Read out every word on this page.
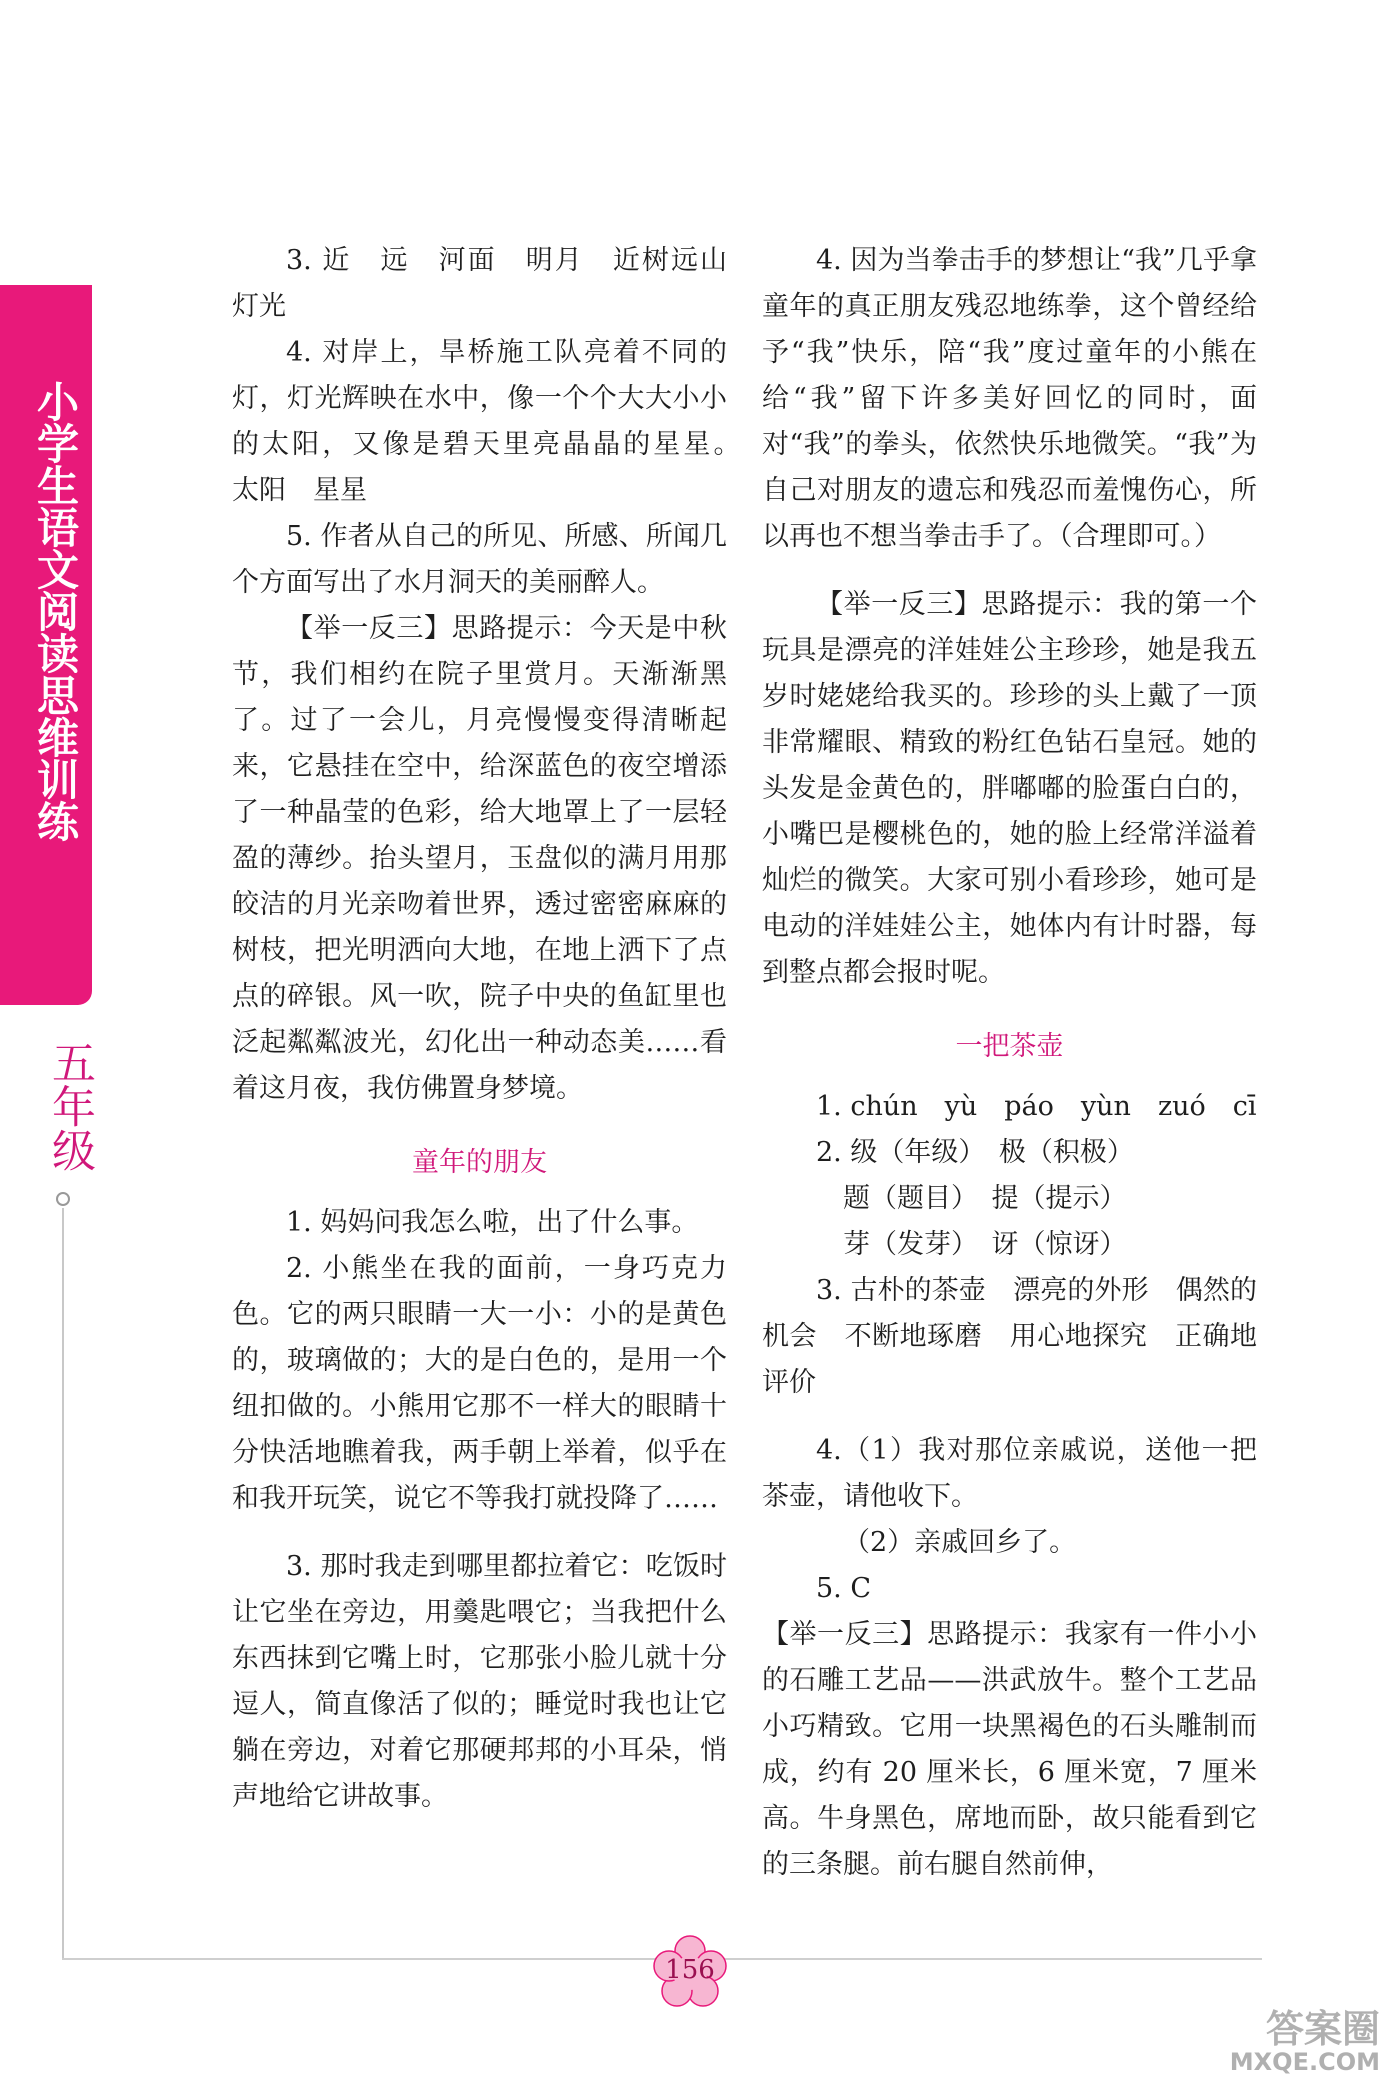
小学生语文阅读思维训练
五年级

3. 近　远　河面　明月　近树远山　灯光

4. 对岸上，旱桥施工队亮着不同的灯，灯光辉映在水中，像一个个大大小小的太阳，又像是碧天里亮晶晶的星星。　太阳　星星

5. 作者从自己的所见、所感、所闻几个方面写出了水月洞天的美丽醉人。

【举一反三】思路提示：今天是中秋节，我们相约在院子里赏月。天渐渐黑了。过了一会儿，月亮慢慢变得清晰起来，它悬挂在空中，给深蓝色的夜空增添了一种晶莹的色彩，给大地罩上了一层轻盈的薄纱。抬头望月，玉盘似的满月用那皎洁的月光亲吻着世界，透过密密麻麻的树枝，把光明洒向大地，在地上洒下了点点的碎银。风一吹，院子中央的鱼缸里也泛起粼粼波光，幻化出一种动态美……看着这月夜，我仿佛置身梦境。

童年的朋友

1. 妈妈问我怎么啦，出了什么事。

2. 小熊坐在我的面前，一身巧克力色。它的两只眼睛一大一小：小的是黄色的，玻璃做的；大的是白色的，是用一个纽扣做的。小熊用它那不一样大的眼睛十分快活地瞧着我，两手朝上举着，似乎在和我开玩笑，说它不等我打就投降了……

3. 那时我走到哪里都拉着它：吃饭时让它坐在旁边，用羹匙喂它；当我把什么东西抹到它嘴上时，它那张小脸儿就十分逗人，简直像活了似的；睡觉时我也让它躺在旁边，对着它那硬邦邦的小耳朵，悄声地给它讲故事。

4. 因为当拳击手的梦想让“我”几乎拿童年的真正朋友残忍地练拳，这个曾经给予“我”快乐，陪“我”度过童年的小熊在给“我”留下许多美好回忆的同时，面对“我”的拳头，依然快乐地微笑。“我”为自己对朋友的遗忘和残忍而羞愧伤心，所以再也不想当拳击手了。（合理即可。）

【举一反三】思路提示：我的第一个玩具是漂亮的洋娃娃公主珍珍，她是我五岁时姥姥给我买的。珍珍的头上戴了一顶非常耀眼、精致的粉红色钻石皇冠。她的头发是金黄色的，胖嘟嘟的脸蛋白白的，小嘴巴是樱桃色的，她的脸上经常洋溢着灿烂的微笑。大家可别小看珍珍，她可是电动的洋娃娃公主，她体内有计时器，每到整点都会报时呢。

一把茶壶

1. chún　yù　páo　yùn　zuó　cī

2. 级（年级）　极（积极）

题（题目）　提（提示）

芽（发芽）　讶（惊讶）

3. 古朴的茶壶　漂亮的外形　偶然的机会　不断地琢磨　用心地探究　正确地评价

4.（1）我对那位亲戚说，送他一把茶壶，请他收下。

（2）亲戚回乡了。

5. C

【举一反三】思路提示：我家有一件小小的石雕工艺品——洪武放牛。整个工艺品小巧精致。它用一块黑褐色的石头雕制而成，约有 20 厘米长，6 厘米宽，7 厘米高。牛身黑色，席地而卧，故只能看到它的三条腿。前右腿自然前伸，

156
答案圈
MXQE.COM
